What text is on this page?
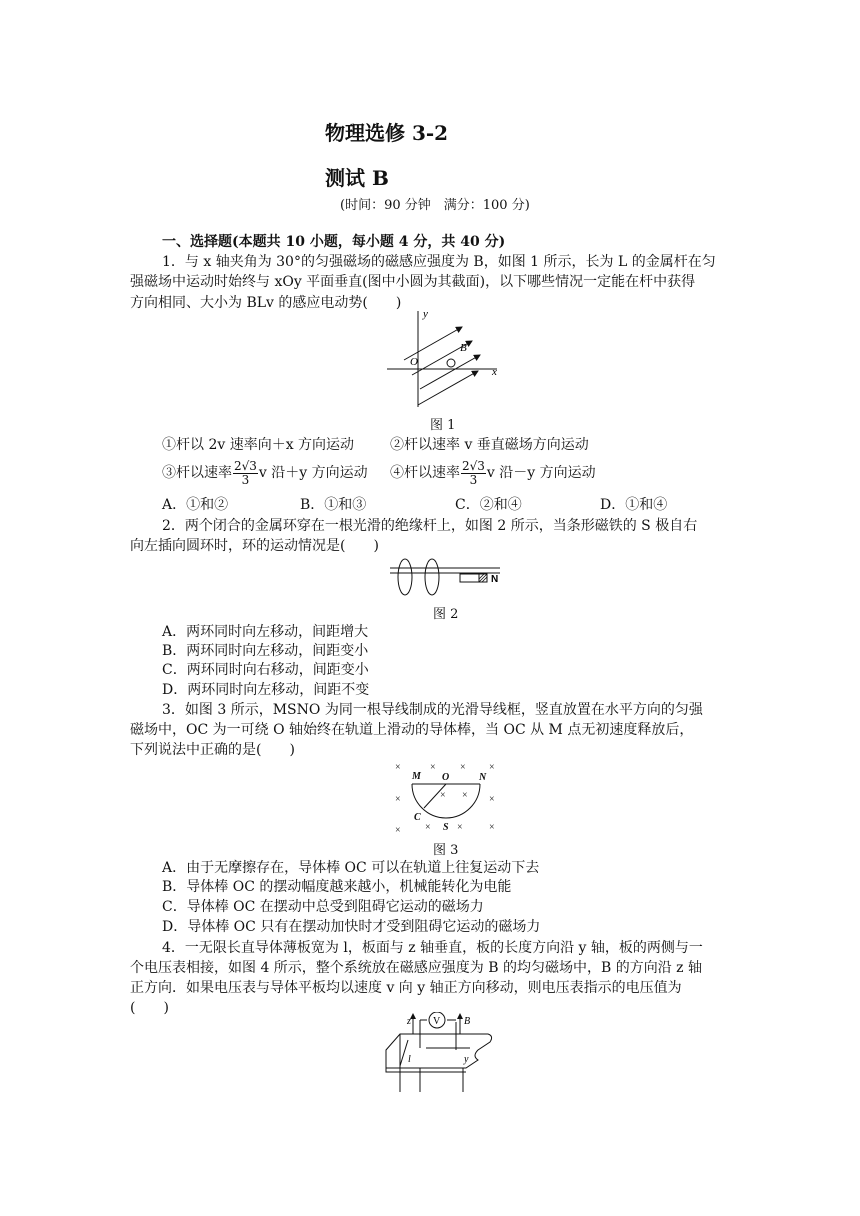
物理选修 3-2
测试 B
(时间：90 分钟　满分：100 分)
一、选择题(本题共 10 小题，每小题 4 分，共 40 分)
1．与 x 轴夹角为 30°的匀强磁场的磁感应强度为 B，如图 1 所示，长为 L 的金属杆在匀
强磁场中运动时始终与 xOy 平面垂直(图中小圆为其截面)，以下哪些情况一定能在杆中获得
方向相同、大小为 BLv 的感应电动势(　　)
y
x
O
B
图 1
①杆以 2v 速率向＋x 方向运动	②杆以速率 v 垂直磁场方向运动
③杆以速率 $\frac{2√3}{3}$ v 沿＋y 方向运动 ④杆以速率 $\frac{2√3}{3}$ v 沿－y 方向运动
A．①和②	B．①和③	C．②和④	D．①和④
2．两个闭合的金属环穿在一根光滑的绝缘杆上，如图 2 所示，当条形磁铁的 S 极自右
向左插向圆环时，环的运动情况是(　　)
N
图 2
A．两环同时向左移动，间距增大
B．两环同时向左移动，间距变小
C．两环同时向右移动，间距变小
D．两环同时向左移动，间距不变
3．如图 3 所示，MSNO 为同一根导线制成的光滑导线框，竖直放置在水平方向的匀强
磁场中，OC 为一可绕 O 轴始终在轨道上滑动的导体棒，当 OC 从 M 点无初速度释放后，
下列说法中正确的是(　　)
×	× × ×
×	×
× ×	×	×
× ×
M O	N
C
S
图 3
A．由于无摩擦存在，导体棒 OC 可以在轨道上往复运动下去
B．导体棒 OC 的摆动幅度越来越小，机械能转化为电能
C．导体棒 OC 在摆动中总受到阻碍它运动的磁场力
D．导体棒 OC 只有在摆动加快时才受到阻碍它运动的磁场力
4．一无限长直导体薄板宽为 l，板面与 z 轴垂直，板的长度方向沿 y 轴，板的两侧与一
个电压表相接，如图 4 所示，整个系统放在磁感应强度为 B 的均匀磁场中，B 的方向沿 z 轴
正方向．如果电压表与导体平板均以速度 v 向 y 轴正方向移动，则电压表指示的电压值为
(　　)
V
z	B
y
l
